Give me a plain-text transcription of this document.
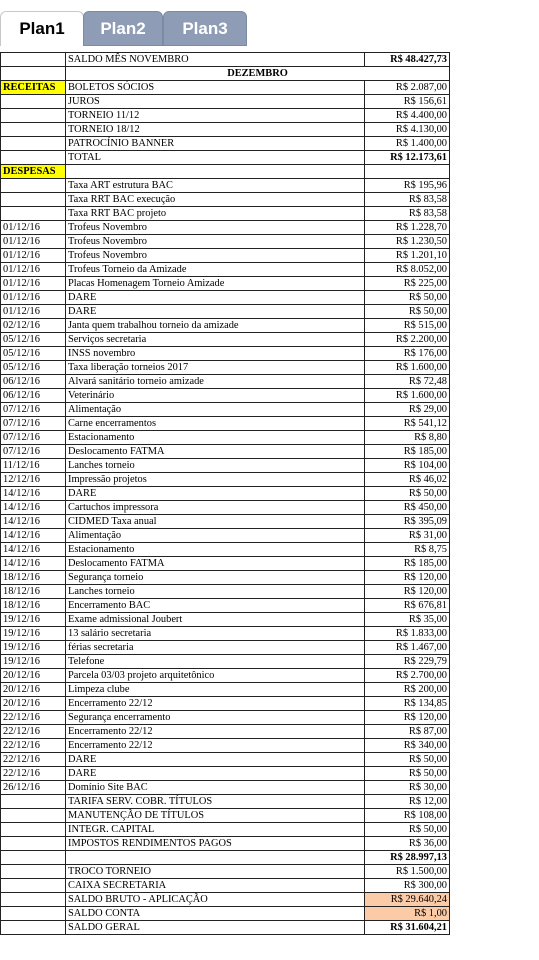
Plan1	Plan2	Plan3
	SALDO MÊS NOVEMBRO	R$ 48.427,73
	DEZEMBRO	
RECEITAS	BOLETOS SÓCIOS	R$ 2.087,00
	JUROS	R$ 156,61
	TORNEIO 11/12	R$ 4.400,00
	TORNEIO 18/12	R$ 4.130,00
	PATROCÍNIO BANNER	R$ 1.400,00
	TOTAL	R$ 12.173,61
DESPESAS		
	Taxa ART estrutura BAC	R$ 195,96
	Taxa RRT BAC execução	R$ 83,58
	Taxa RRT BAC projeto	R$ 83,58
01/12/16	Trofeus Novembro	R$ 1.228,70
01/12/16	Trofeus Novembro	R$ 1.230,50
01/12/16	Trofeus Novembro	R$ 1.201,10
01/12/16	Trofeus Torneio da Amizade	R$ 8.052,00
01/12/16	Placas Homenagem Torneio Amizade	R$ 225,00
01/12/16	DARE	R$ 50,00
01/12/16	DARE	R$ 50,00
02/12/16	Janta quem trabalhou torneio da amizade	R$ 515,00
05/12/16	Serviços secretaria	R$ 2.200,00
05/12/16	INSS novembro	R$ 176,00
05/12/16	Taxa liberação torneios 2017	R$ 1.600,00
06/12/16	Alvará sanitário torneio amizade	R$ 72,48
06/12/16	Veterinário	R$ 1.600,00
07/12/16	Alimentação	R$ 29,00
07/12/16	Carne encerramentos	R$ 541,12
07/12/16	Estacionamento	R$ 8,80
07/12/16	Deslocamento FATMA	R$ 185,00
11/12/16	Lanches torneio	R$ 104,00
12/12/16	Impressão projetos	R$ 46,02
14/12/16	DARE	R$ 50,00
14/12/16	Cartuchos impressora	R$ 450,00
14/12/16	CIDMED Taxa anual	R$ 395,09
14/12/16	Alimentação	R$ 31,00
14/12/16	Estacionamento	R$ 8,75
14/12/16	Deslocamento FATMA	R$ 185,00
18/12/16	Segurança torneio	R$ 120,00
18/12/16	Lanches torneio	R$ 120,00
18/12/16	Encerramento BAC	R$ 676,81
19/12/16	Exame admissional Joubert	R$ 35,00
19/12/16	13 salário secretaria	R$ 1.833,00
19/12/16	férias secretaria	R$ 1.467,00
19/12/16	Telefone	R$ 229,79
20/12/16	Parcela 03/03 projeto arquitetônico	R$ 2.700,00
20/12/16	Limpeza clube	R$ 200,00
20/12/16	Encerramento 22/12	R$ 134,85
22/12/16	Segurança encerramento	R$ 120,00
22/12/16	Encerramento 22/12	R$ 87,00
22/12/16	Encerramento 22/12	R$ 340,00
22/12/16	DARE	R$ 50,00
22/12/16	DARE	R$ 50,00
26/12/16	Domínio Site BAC	R$ 30,00
	TARIFA SERV. COBR. TÍTULOS	R$ 12,00
	MANUTENÇÃO DE TÍTULOS	R$ 108,00
	INTEGR. CAPITAL	R$ 50,00
	IMPOSTOS RENDIMENTOS PAGOS	R$ 36,00
		R$ 28.997,13
	TROCO TORNEIO	R$ 1.500,00
	CAIXA SECRETARIA	R$ 300,00
	SALDO BRUTO - APLICAÇÃO	R$ 29.640,24
	SALDO CONTA	R$ 1,00
	SALDO GERAL	R$ 31.604,21
